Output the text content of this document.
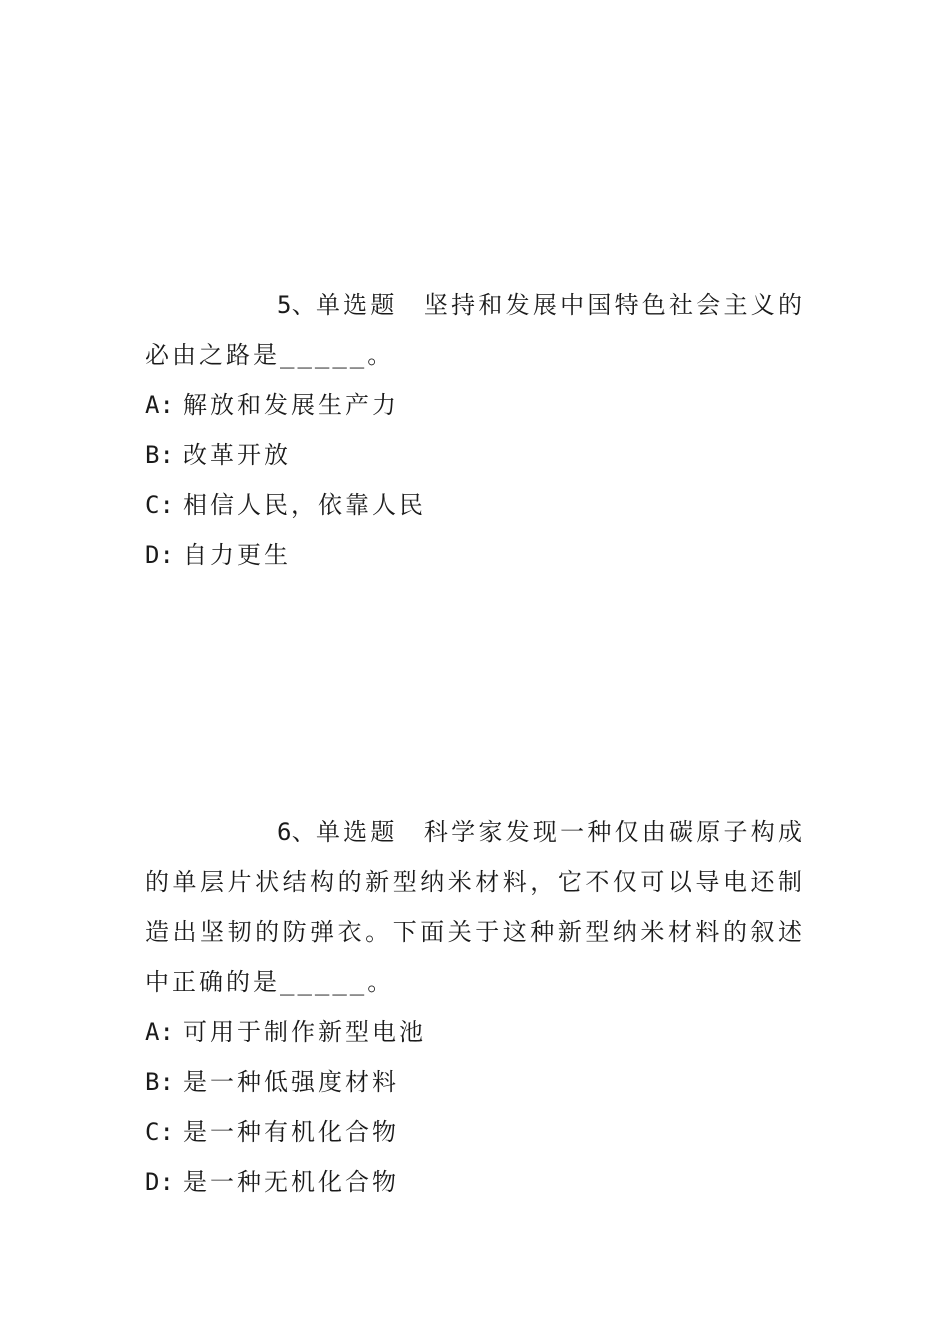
5、单选题 坚持和发展中国特色社会主义的必由之路是_____。

A: 解放和发展生产力
B: 改革开放
C: 相信人民，依靠人民
D: 自力更生

6、单选题 科学家发现一种仅由碳原子构成的单层片状结构的新型纳米材料，它不仅可以导电还制造出坚韧的防弹衣。下面关于这种新型纳米材料的叙述中正确的是_____。

A: 可用于制作新型电池
B: 是一种低强度材料
C: 是一种有机化合物
D: 是一种无机化合物
